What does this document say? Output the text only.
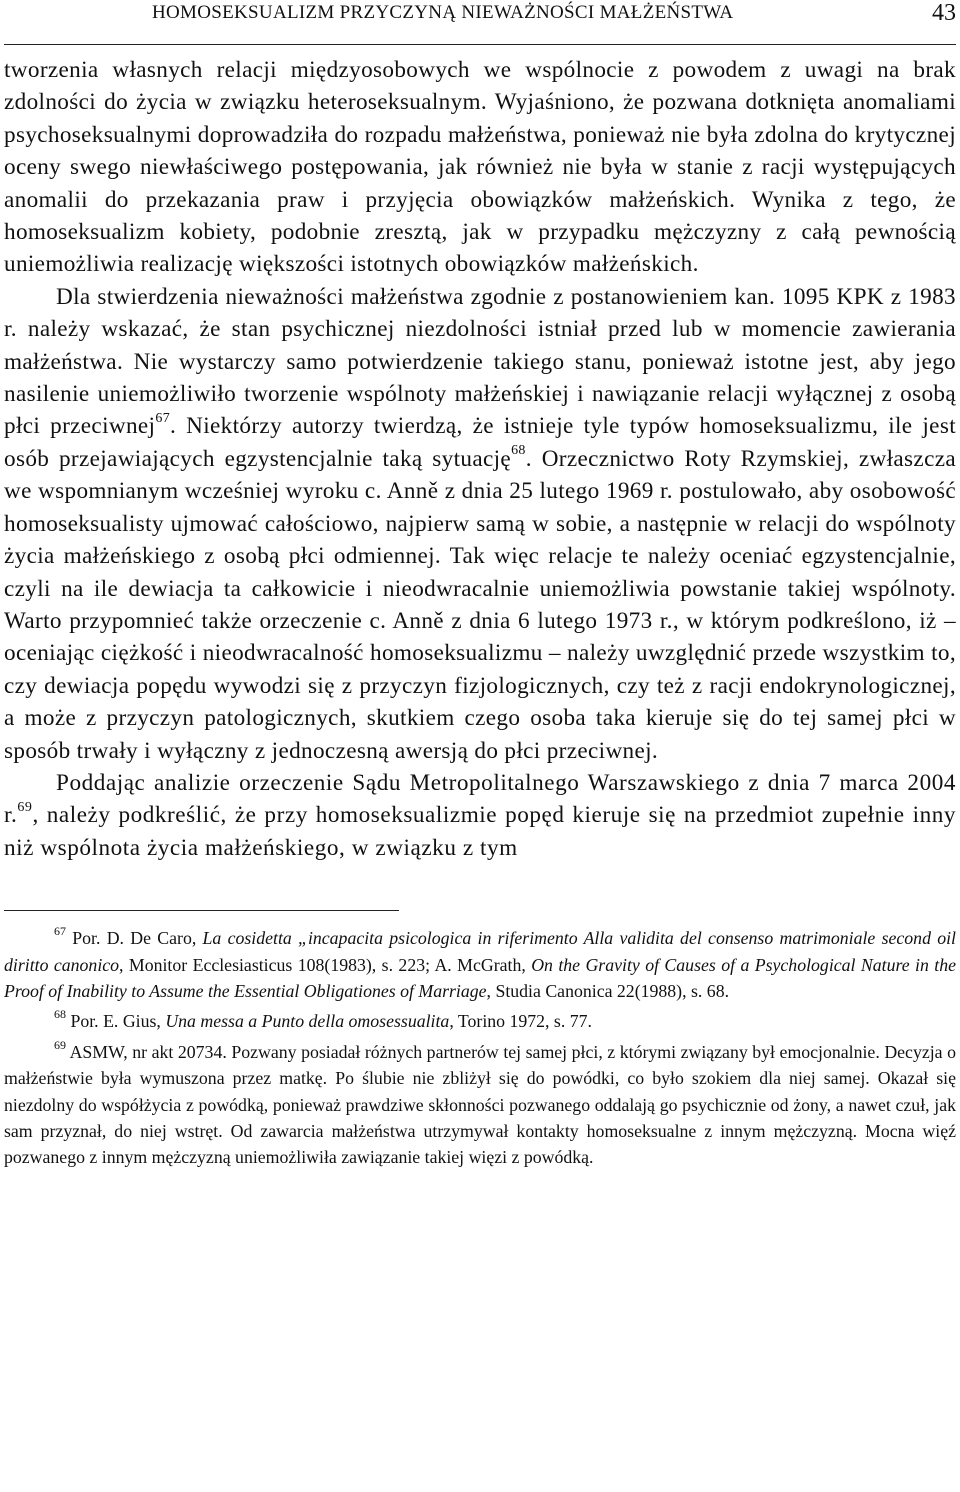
HOMOSEKSUALIZM PRZYCZYNĄ NIEWAŻNOŚCI MAŁŻEŃSTWA	43

tworzenia własnych relacji międzyosobowych we wspólnocie z powodem z uwagi na brak zdolności do życia w związku heteroseksualnym. Wyjaśniono, że pozwana dotknięta anomaliami psychoseksualnymi doprowadziła do rozpadu małżeństwa, ponieważ nie była zdolna do krytycznej oceny swego niewłaściwego postępowania, jak również nie była w stanie z racji występujących anomalii do przekazania praw i przyjęcia obowiązków małżeńskich. Wynika z tego, że homoseksualizm kobiety, podobnie zresztą, jak w przypadku mężczyzny z całą pewnością uniemożliwia realizację większości istotnych obowiązków małżeńskich.

Dla stwierdzenia nieważności małżeństwa zgodnie z postanowieniem kan. 1095 KPK z 1983 r. należy wskazać, że stan psychicznej niezdolności istniał przed lub w momencie zawierania małżeństwa. Nie wystarczy samo potwierdzenie takiego stanu, ponieważ istotne jest, aby jego nasilenie uniemożliwiło tworzenie wspólnoty małżeńskiej i nawiązanie relacji wyłącznej z osobą płci przeciwnej$^{67}$. Niektórzy autorzy twierdzą, że istnieje tyle typów homoseksualizmu, ile jest osób przejawiających egzystencjalnie taką sytuację$^{68}$. Orzecznictwo Roty Rzymskiej, zwłaszcza we wspomnianym wcześniej wyroku c. Anně z dnia 25 lutego 1969 r. postulowało, aby osobowość homoseksualisty ujmować całościowo, najpierw samą w sobie, a następnie w relacji do wspólnoty życia małżeńskiego z osobą płci odmiennej. Tak więc relacje te należy oceniać egzystencjalnie, czyli na ile dewiacja ta całkowicie i nieodwracalnie uniemożliwia powstanie takiej wspólnoty. Warto przypomnieć także orzeczenie c. Anně z dnia 6 lutego 1973 r., w którym podkreślono, iż – oceniając ciężkość i nieodwracalność homoseksualizmu – należy uwzględnić przede wszystkim to, czy dewiacja popędu wywodzi się z przyczyn fizjologicznych, czy też z racji endokrynologicznej, a może z przyczyn patologicznych, skutkiem czego osoba taka kieruje się do tej samej płci w sposób trwały i wyłączny z jednoczesną awersją do płci przeciwnej.

Poddając analizie orzeczenie Sądu Metropolitalnego Warszawskiego z dnia 7 marca 2004 r.$^{69}$, należy podkreślić, że przy homoseksualizmie popęd kieruje się na przedmiot zupełnie inny niż wspólnota życia małżeńskiego, w związku z tym

$^{67}$ Por. D. De Caro, La cosidetta „incapacita psicologica in riferimento Alla validita del consenso matrimoniale second oil diritto canonico, Monitor Ecclesiasticus 108(1983), s. 223; A. McGrath, On the Gravity of Causes of a Psychological Nature in the Proof of Inability to Assume the Essential Obligationes of Marriage, Studia Canonica 22(1988), s. 68.

$^{68}$ Por. E. Gius, Una messa a Punto della omosessualita, Torino 1972, s. 77.

$^{69}$ ASMW, nr akt 20734. Pozwany posiadał różnych partnerów tej samej płci, z którymi związany był emocjonalnie. Decyzja o małżeństwie była wymuszona przez matkę. Po ślubie nie zbliżył się do powódki, co było szokiem dla niej samej. Okazał się niezdolny do współżycia z powódką, ponieważ prawdziwe skłonności pozwanego oddalają go psychicznie od żony, a nawet czuł, jak sam przyznał, do niej wstręt. Od zawarcia małżeństwa utrzymywał kontakty homoseksualne z innym mężczyzną. Mocna więź pozwanego z innym mężczyzną uniemożliwiła zawiązanie takiej więzi z powódką.
